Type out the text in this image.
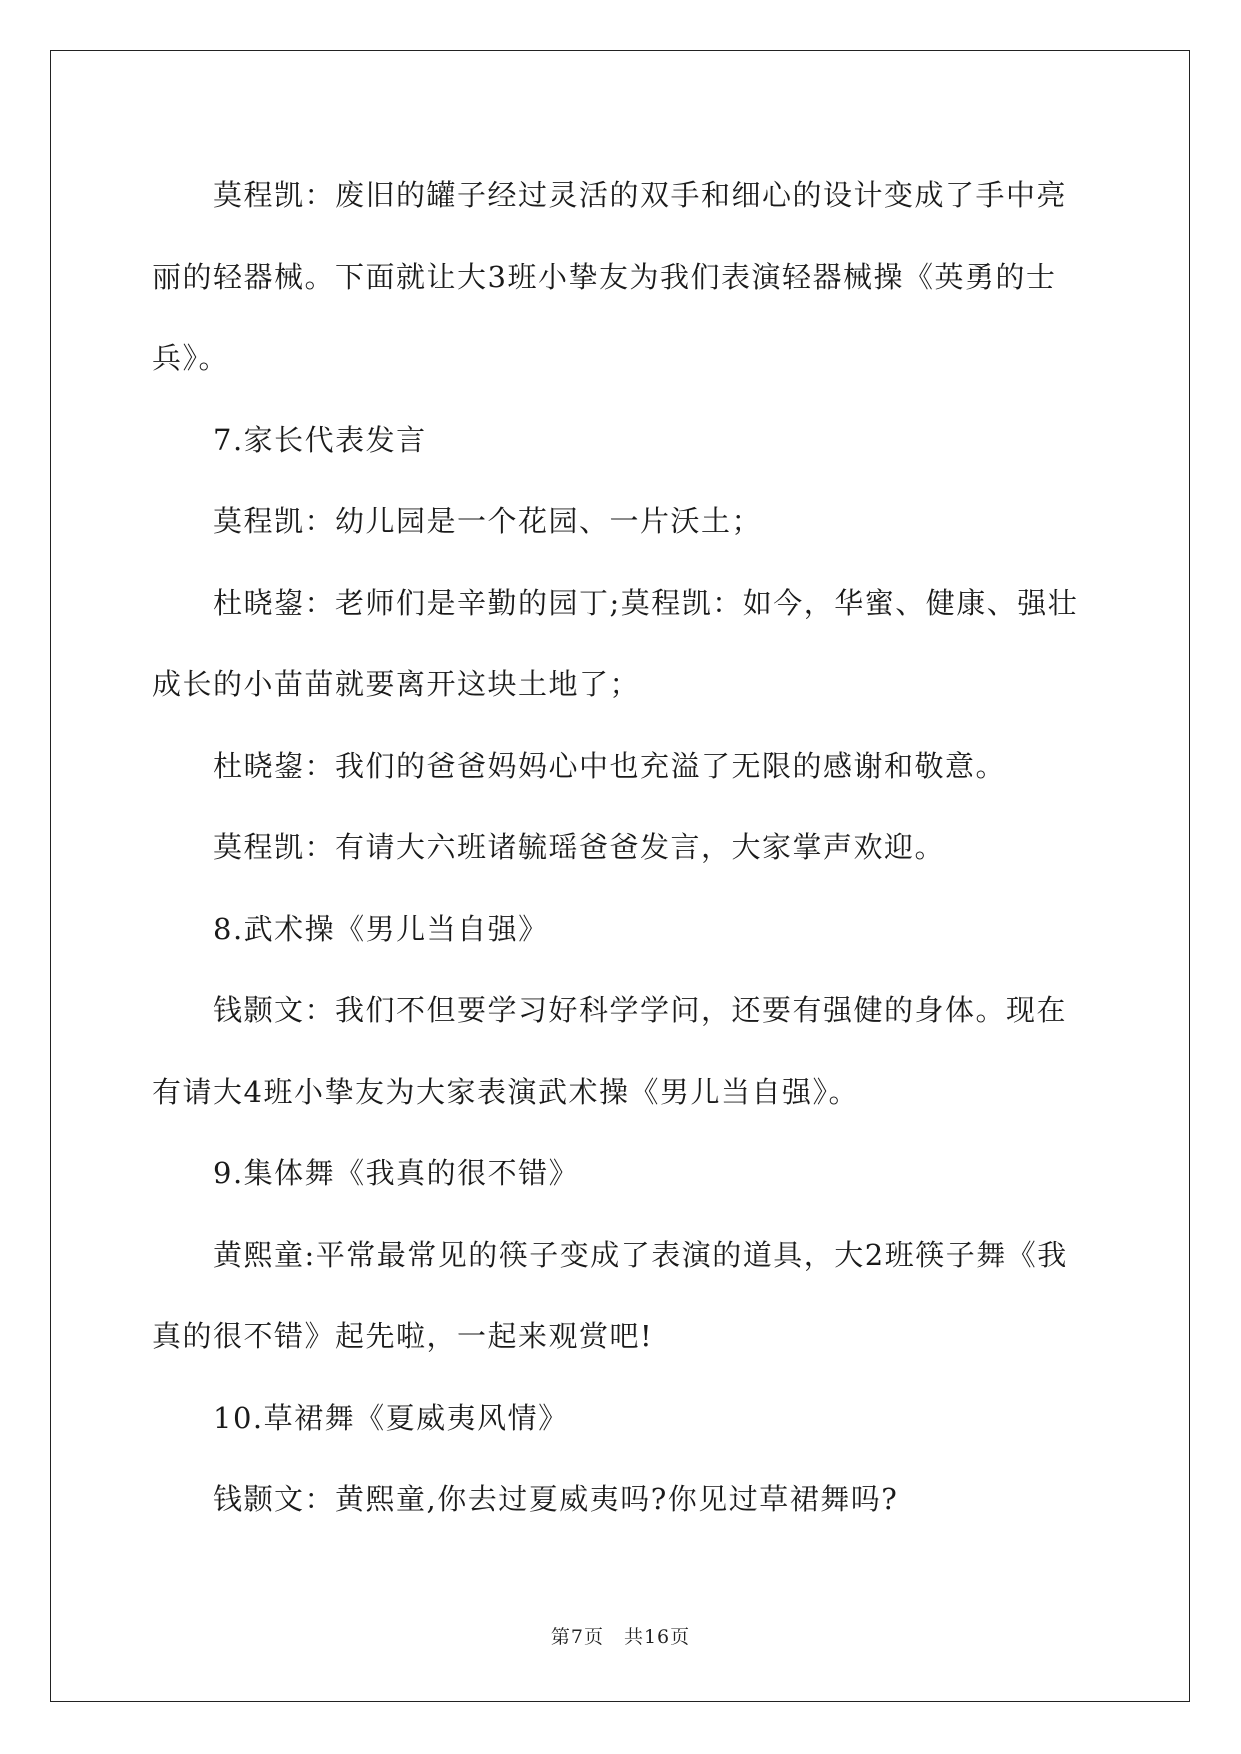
莫程凯：废旧的罐子经过灵活的双手和细心的设计变成了手中亮丽的轻器械。下面就让大3班小挚友为我们表演轻器械操《英勇的士兵》。

7.家长代表发言

莫程凯：幼儿园是一个花园、一片沃土；

杜晓鋆：老师们是辛勤的园丁;莫程凯：如今，华蜜、健康、强壮成长的小苗苗就要离开这块土地了；

杜晓鋆：我们的爸爸妈妈心中也充溢了无限的感谢和敬意。

莫程凯：有请大六班诸毓瑶爸爸发言，大家掌声欢迎。

8.武术操《男儿当自强》

钱颢文：我们不但要学习好科学学问，还要有强健的身体。现在有请大4班小挚友为大家表演武术操《男儿当自强》。

9.集体舞《我真的很不错》

黄熙童:平常最常见的筷子变成了表演的道具，大2班筷子舞《我真的很不错》起先啦，一起来观赏吧!

10.草裙舞《夏威夷风情》

钱颢文：黄熙童,你去过夏威夷吗?你见过草裙舞吗?

第7页 共16页
